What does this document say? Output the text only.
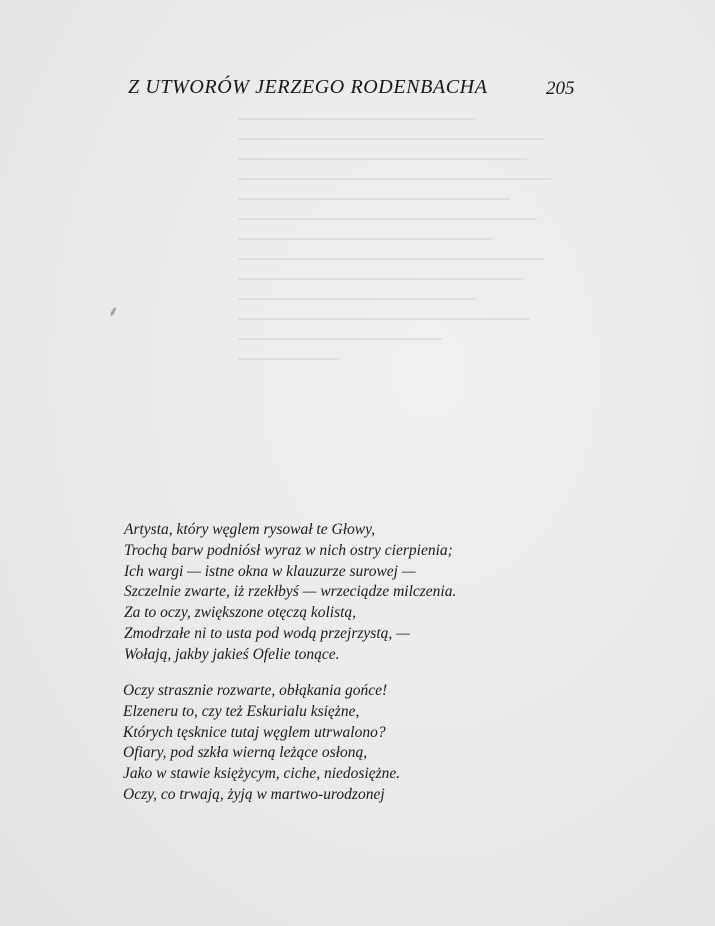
Z UTWORÓW JERZEGO RODENBACHA	205
⸙
Artysta, który węglem rysował te Głowy,
Trochą barw podniósł wyraz w nich ostry cierpienia;
Ich wargi — istne okna w klauzurze surowej —
Szczelnie zwarte, iż rzekłbyś — wrzeciądze milczenia.
Za to oczy, zwiększone otęczą kolistą,
Zmodrzałe ni to usta pod wodą przejrzystą, —
Wołają, jakby jakieś Ofelie tonące.
Oczy strasznie rozwarte, obłąkania gońce!
Elzeneru to, czy też Eskurialu księżne,
Których tęsknice tutaj węglem utrwalono?
Ofiary, pod szkła wierną leżące osłoną,
Jako w stawie księżycym, ciche, niedosiężne.
Oczy, co trwają, żyją w martwo-urodzonej
